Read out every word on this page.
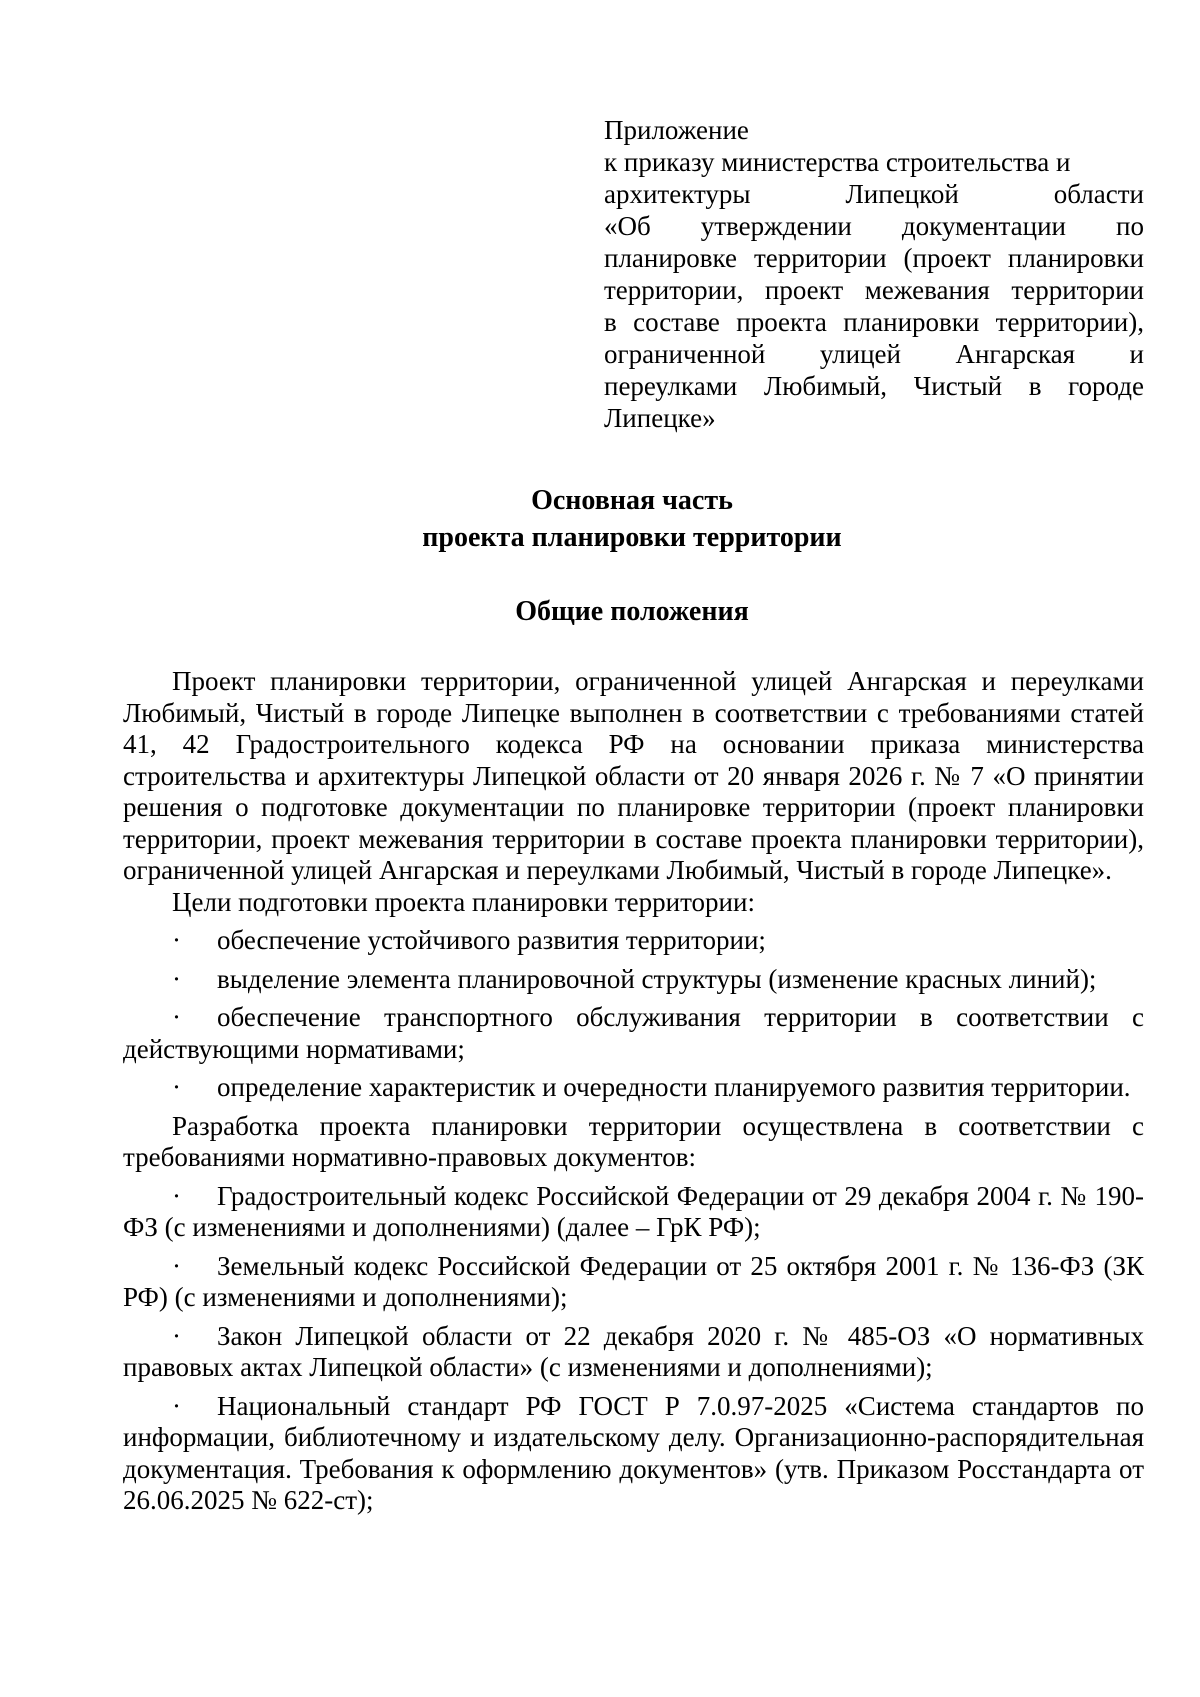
Приложение
к приказу министерства строительства и
архитектуры Липецкой области
«Об утверждении документации по
планировке территории (проект планировки
территории, проект межевания территории
в составе проекта планировки территории),
ограниченной улицей Ангарская и
переулками Любимый, Чистый в городе
Липецке»
Основная часть
проекта планировки территории
Общие положения

Проект планировки территории, ограниченной улицей Ангарская и переулками Любимый, Чистый в городе Липецке выполнен в соответствии с требованиями статей 41, 42 Градостроительного кодекса РФ на основании приказа министерства строительства и архитектуры Липецкой области от 20 января 2026 г. № 7 «О принятии решения о подготовке документации по планировке территории (проект планировки территории, проект межевания территории в составе проекта планировки территории), ограниченной улицей Ангарская и переулками Любимый, Чистый в городе Липецке».

Цели подготовки проекта планировки территории:

· обеспечение устойчивого развития территории;

· выделение элемента планировочной структуры (изменение красных линий);

· обеспечение транспортного обслуживания территории в соответствии с действующими нормативами;

· определение характеристик и очередности планируемого развития территории.

Разработка проекта планировки территории осуществлена в соответствии с требованиями нормативно-правовых документов:

· Градостроительный кодекс Российской Федерации от 29 декабря 2004 г. № 190-ФЗ (с изменениями и дополнениями) (далее – ГрК РФ);

· Земельный кодекс Российской Федерации от 25 октября 2001 г. № 136-ФЗ (ЗК РФ) (с изменениями и дополнениями);

· Закон Липецкой области от 22 декабря 2020 г. № 485-ОЗ «О нормативных правовых актах Липецкой области» (с изменениями и дополнениями);

· Национальный стандарт РФ ГОСТ Р 7.0.97-2025 «Система стандартов по информации, библиотечному и издательскому делу. Организационно-распорядительная документация. Требования к оформлению документов» (утв. Приказом Росстандарта от 26.06.2025 № 622-ст);
